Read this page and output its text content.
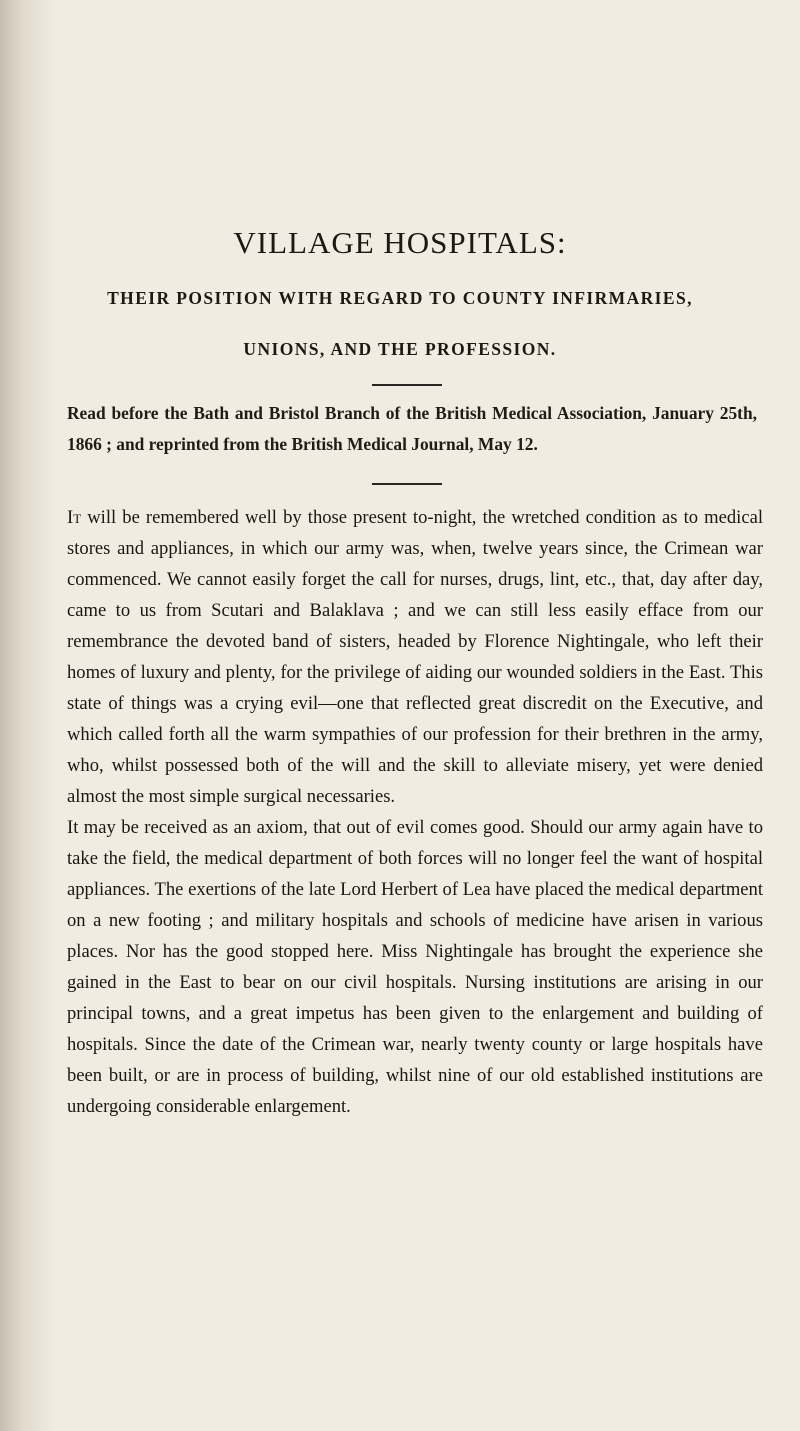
VILLAGE HOSPITALS:

THEIR POSITION WITH REGARD TO COUNTY INFIRMARIES,

UNIONS, AND THE PROFESSION.

Read before the Bath and Bristol Branch of the British Medical Association, January 25th, 1866 ; and reprinted from the British Medical Journal, May 12.

It will be remembered well by those present to-night, the wretched condition as to medical stores and appliances, in which our army was, when, twelve years since, the Crimean war commenced. We cannot easily forget the call for nurses, drugs, lint, etc., that, day after day, came to us from Scutari and Balaklava ; and we can still less easily efface from our remembrance the devoted band of sisters, headed by Florence Nightingale, who left their homes of luxury and plenty, for the privilege of aiding our wounded soldiers in the East. This state of things was a crying evil—one that reflected great discredit on the Executive, and which called forth all the warm sympathies of our profession for their brethren in the army, who, whilst possessed both of the will and the skill to alleviate misery, yet were denied almost the most simple surgical necessaries.

It may be received as an axiom, that out of evil comes good. Should our army again have to take the field, the medical department of both forces will no longer feel the want of hospital appliances. The exertions of the late Lord Herbert of Lea have placed the medical department on a new footing ; and military hospitals and schools of medicine have arisen in various places. Nor has the good stopped here. Miss Nightingale has brought the experience she gained in the East to bear on our civil hospitals. Nursing institutions are arising in our principal towns, and a great impetus has been given to the enlargement and building of hospitals. Since the date of the Crimean war, nearly twenty county or large hospitals have been built, or are in process of building, whilst nine of our old established institutions are undergoing considerable enlargement.
